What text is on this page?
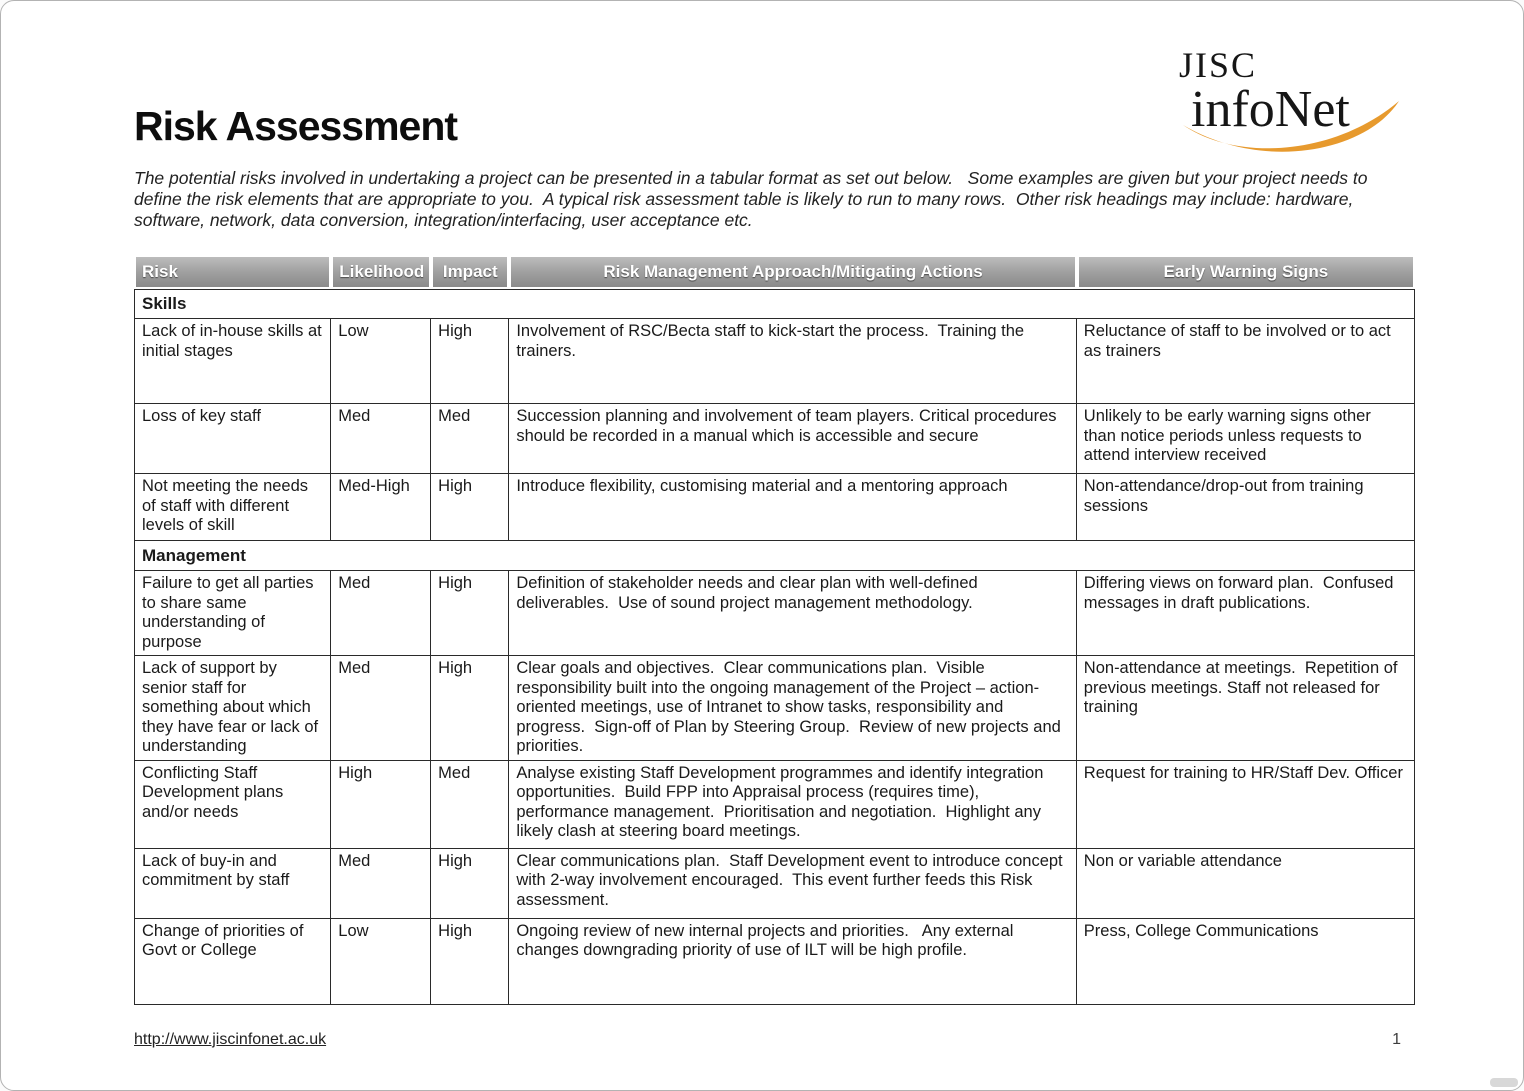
JISC
infoNet
Risk Assessment

The potential risks involved in undertaking a project can be presented in a tabular format as set out below.   Some examples are given but your project needs to define the risk elements that are appropriate to you.  A typical risk assessment table is likely to run to many rows.  Other risk headings may include: hardware, software, network, data conversion, integration/interfacing, user acceptance etc.

Risk	Likelihood	Impact	Risk Management Approach/Mitigating Actions	Early Warning Signs
Skills				
Lack of in-house skills at initial stages	Low	High	Involvement of RSC/Becta staff to kick-start the process.  Training the trainers.	Reluctance of staff to be involved or to act as trainers
Loss of key staff	Med	Med	Succession planning and involvement of team players. Critical procedures should be recorded in a manual which is accessible and secure	Unlikely to be early warning signs other than notice periods unless requests to attend interview received
Not meeting the needs of staff with different levels of skill	Med-High	High	Introduce flexibility, customising material and a mentoring approach	Non-attendance/drop-out from training sessions
Management				
Failure to get all parties to share same understanding of purpose	Med	High	Definition of stakeholder needs and clear plan with well-defined deliverables.  Use of sound project management methodology.	Differing views on forward plan.  Confused messages in draft publications.
Lack of support by senior staff for something about which they have fear or lack of understanding	Med	High	Clear goals and objectives.  Clear communications plan.  Visible responsibility built into the ongoing management of the Project – action-oriented meetings, use of Intranet to show tasks, responsibility and progress.  Sign-off of Plan by Steering Group.  Review of new projects and priorities.	Non-attendance at meetings.  Repetition of previous meetings. Staff not released for training
Conflicting Staff Development plans and/or needs	High	Med	Analyse existing Staff Development programmes and identify integration opportunities.  Build FPP into Appraisal process (requires time), performance management.  Prioritisation and negotiation.  Highlight any likely clash at steering board meetings.	Request for training to HR/Staff Dev. Officer
Lack of buy-in and commitment by staff	Med	High	Clear communications plan.  Staff Development event to introduce concept with 2-way involvement encouraged.  This event further feeds this Risk assessment.	Non or variable attendance
Change of priorities of Govt or College	Low	High	Ongoing review of new internal projects and priorities.   Any external changes downgrading priority of use of ILT will be high profile.	Press, College Communications
http://www.jiscinfonet.ac.uk	1
